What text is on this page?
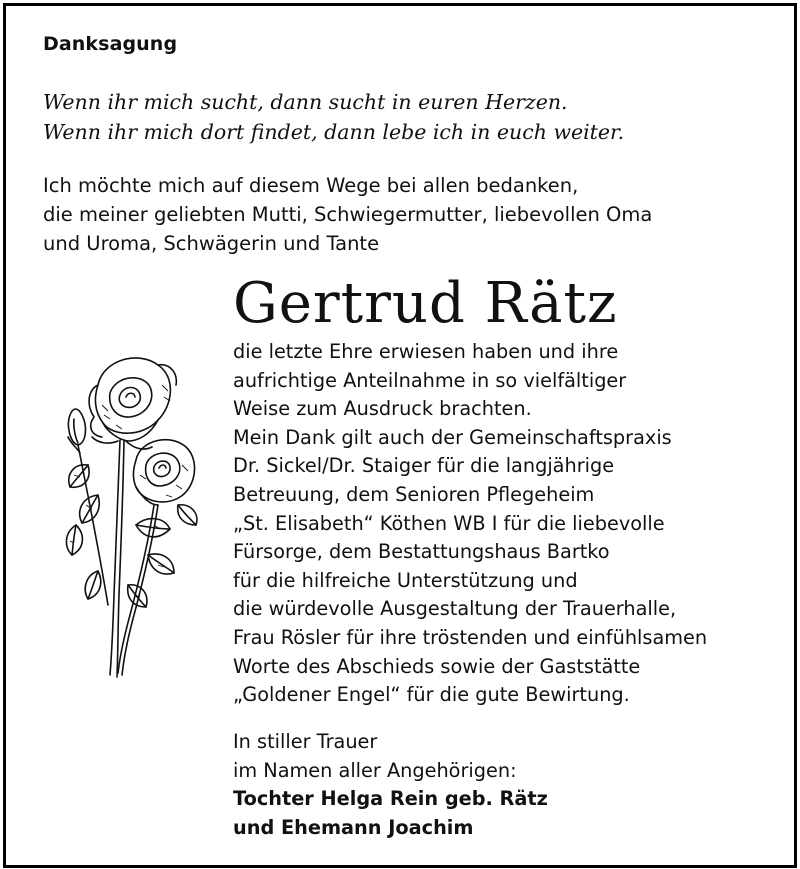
Danksagung
Wenn ihr mich sucht, dann sucht in euren Herzen.
Wenn ihr mich dort findet, dann lebe ich in euch weiter.
Ich möchte mich auf diesem Wege bei allen bedanken,
die meiner geliebten Mutti, Schwiegermutter, liebevollen Oma
und Uroma, Schwägerin und Tante
Gertrud Rätz
die letzte Ehre erwiesen haben und ihre
aufrichtige Anteilnahme in so vielfältiger
Weise zum Ausdruck brachten.
Mein Dank gilt auch der Gemeinschaftspraxis
Dr. Sickel/Dr. Staiger für die langjährige
Betreuung, dem Senioren Pflegeheim
„St. Elisabeth“ Köthen WB I für die liebevolle
Fürsorge, dem Bestattungshaus Bartko
für die hilfreiche Unterstützung und
die würdevolle Ausgestaltung der Trauerhalle,
Frau Rösler für ihre tröstenden und einfühlsamen
Worte des Abschieds sowie der Gaststätte
„Goldener Engel“ für die gute Bewirtung.
In stiller Trauer
im Namen aller Angehörigen:
Tochter Helga Rein geb. Rätz
und Ehemann Joachim
